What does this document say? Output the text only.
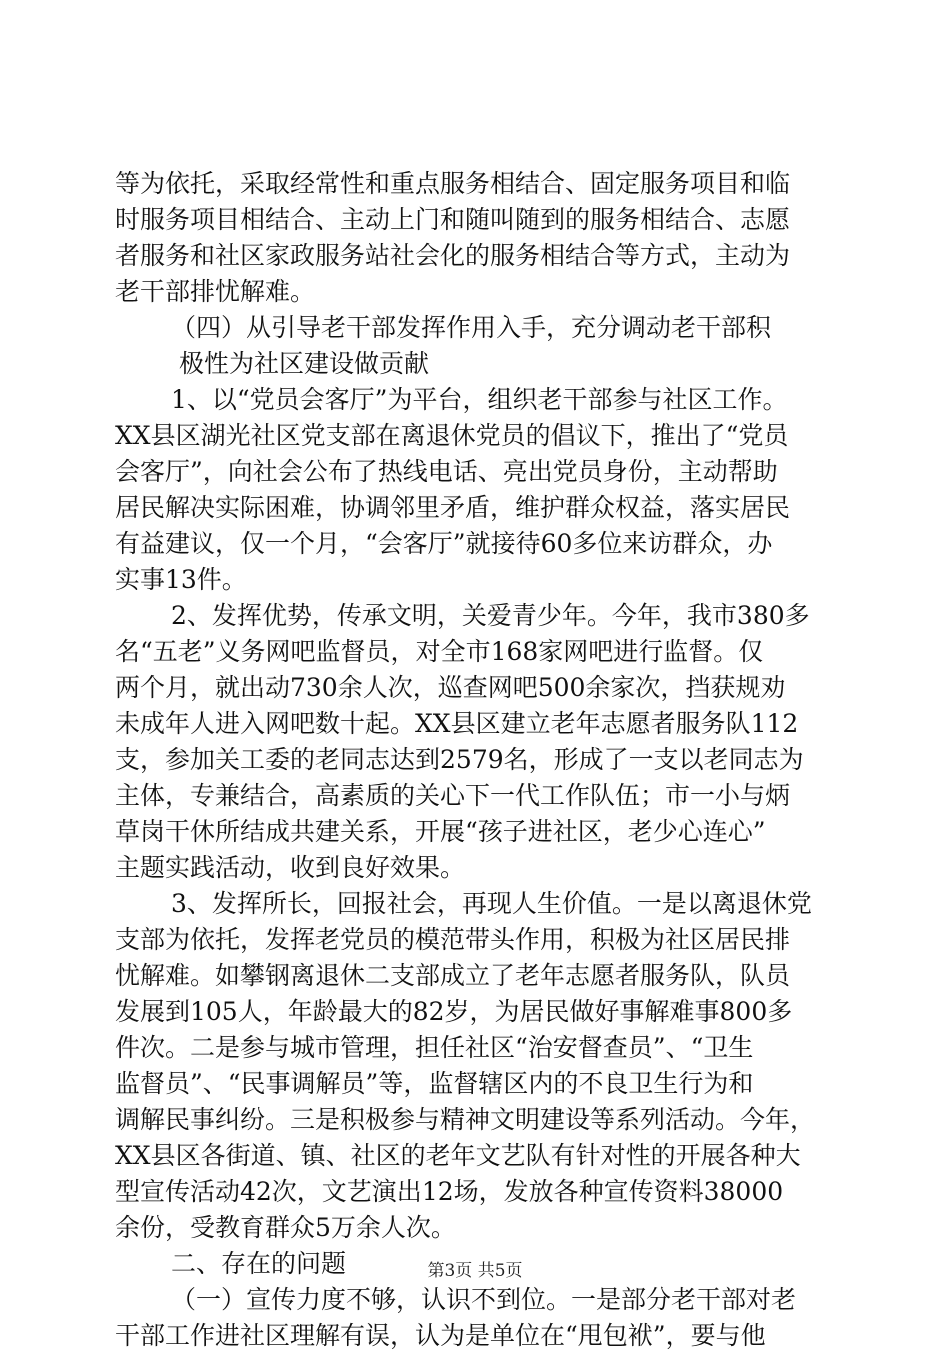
等为依托，采取经常性和重点服务相结合、固定服务项目和临
时服务项目相结合、主动上门和随叫随到的服务相结合、志愿
者服务和社区家政服务站社会化的服务相结合等方式，主动为
老干部排忧解难。
（四）从引导老干部发挥作用入手，充分调动老干部积
极性为社区建设做贡献
1、以“党员会客厅”为平台，组织老干部参与社区工作。
XX县区湖光社区党支部在离退休党员的倡议下，推出了“党员
会客厅”，向社会公布了热线电话、亮出党员身份，主动帮助
居民解决实际困难，协调邻里矛盾，维护群众权益，落实居民
有益建议，仅一个月，“会客厅”就接待60多位来访群众，办
实事13件。
2、发挥优势，传承文明，关爱青少年。今年，我市380多
名“五老”义务网吧监督员，对全市168家网吧进行监督。仅
两个月，就出动730余人次，巡查网吧500余家次，挡获规劝
未成年人进入网吧数十起。XX县区建立老年志愿者服务队112
支，参加关工委的老同志达到2579名，形成了一支以老同志为
主体，专兼结合，高素质的关心下一代工作队伍；市一小与炳
草岗干休所结成共建关系，开展“孩子进社区，老少心连心”
主题实践活动，收到良好效果。
3、发挥所长，回报社会，再现人生价值。一是以离退休党
支部为依托，发挥老党员的模范带头作用，积极为社区居民排
忧解难。如攀钢离退休二支部成立了老年志愿者服务队，队员
发展到105人，年龄最大的82岁，为居民做好事解难事800多
件次。二是参与城市管理，担任社区“治安督查员”、“卫生
监督员”、“民事调解员”等，监督辖区内的不良卫生行为和
调解民事纠纷。三是积极参与精神文明建设等系列活动。今年，
XX县区各街道、镇、社区的老年文艺队有针对性的开展各种大
型宣传活动42次，文艺演出12场，发放各种宣传资料38000
余份，受教育群众5万余人次。
二、存在的问题
（一）宣传力度不够，认识不到位。一是部分老干部对老
干部工作进社区理解有误，认为是单位在“甩包袱”，要与他
第3页 共5页
